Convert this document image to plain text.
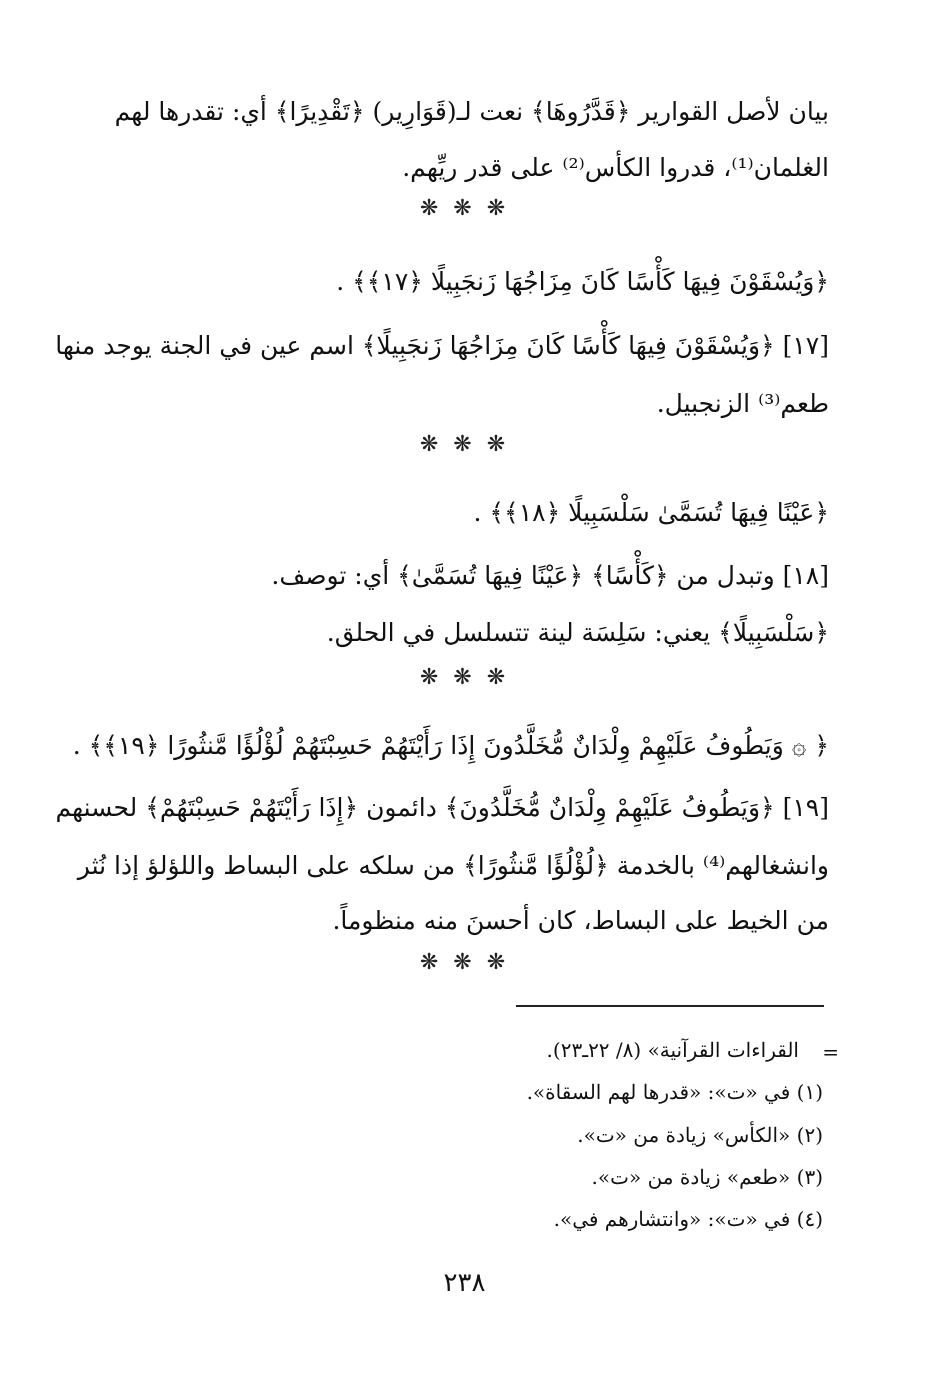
بيان لأصل القوارير ﴿قَدَّرُوهَا﴾ نعت لـ(قَوَارِير) ﴿تَقْدِيرًا﴾ أي: تقدرها لهم
الغلمان⁽¹⁾، قدروا الكأس⁽²⁾ على قدر ريِّهم.
❋ ❋ ❋
﴿وَيُسْقَوْنَ فِيهَا كَأْسًا كَانَ مِزَاجُهَا زَنجَبِيلًا ﴿١٧﴾﴾ .
[١٧] ﴿وَيُسْقَوْنَ فِيهَا كَأْسًا كَانَ مِزَاجُهَا زَنجَبِيلًا﴾ اسم عين في الجنة يوجد منها
طعم⁽³⁾ الزنجبيل.
❋ ❋ ❋
﴿عَيْنًا فِيهَا تُسَمَّىٰ سَلْسَبِيلًا ﴿١٨﴾﴾ .
[١٨] وتبدل من ﴿كَأْسًا﴾ ﴿عَيْنًا فِيهَا تُسَمَّىٰ﴾ أي: توصف.
﴿سَلْسَبِيلًا﴾ يعني: سَلِسَة لينة تتسلسل في الحلق.
❋ ❋ ❋
﴿ ۞ وَيَطُوفُ عَلَيْهِمْ وِلْدَانٌ مُّخَلَّدُونَ إِذَا رَأَيْتَهُمْ حَسِبْتَهُمْ لُؤْلُؤًا مَّنثُورًا ﴿١٩﴾﴾ .
[١٩] ﴿وَيَطُوفُ عَلَيْهِمْ وِلْدَانٌ مُّخَلَّدُونَ﴾ دائمون ﴿إِذَا رَأَيْتَهُمْ حَسِبْتَهُمْ﴾ لحسنهم
وانشغالهم⁽⁴⁾ بالخدمة ﴿لُؤْلُؤًا مَّنثُورًا﴾ من سلكه على البساط واللؤلؤ إذا نُثر
من الخيط على البساط، كان أحسنَ منه منظوماً.
❋ ❋ ❋
=
القراءات القرآنية» (٨/ ٢٢ـ٢٣).
(١) في «ت»: «قدرها لهم السقاة».
(٢) «الكأس» زيادة من «ت».
(٣) «طعم» زيادة من «ت».
(٤) في «ت»: «وانتشارهم في».
٢٣٨
